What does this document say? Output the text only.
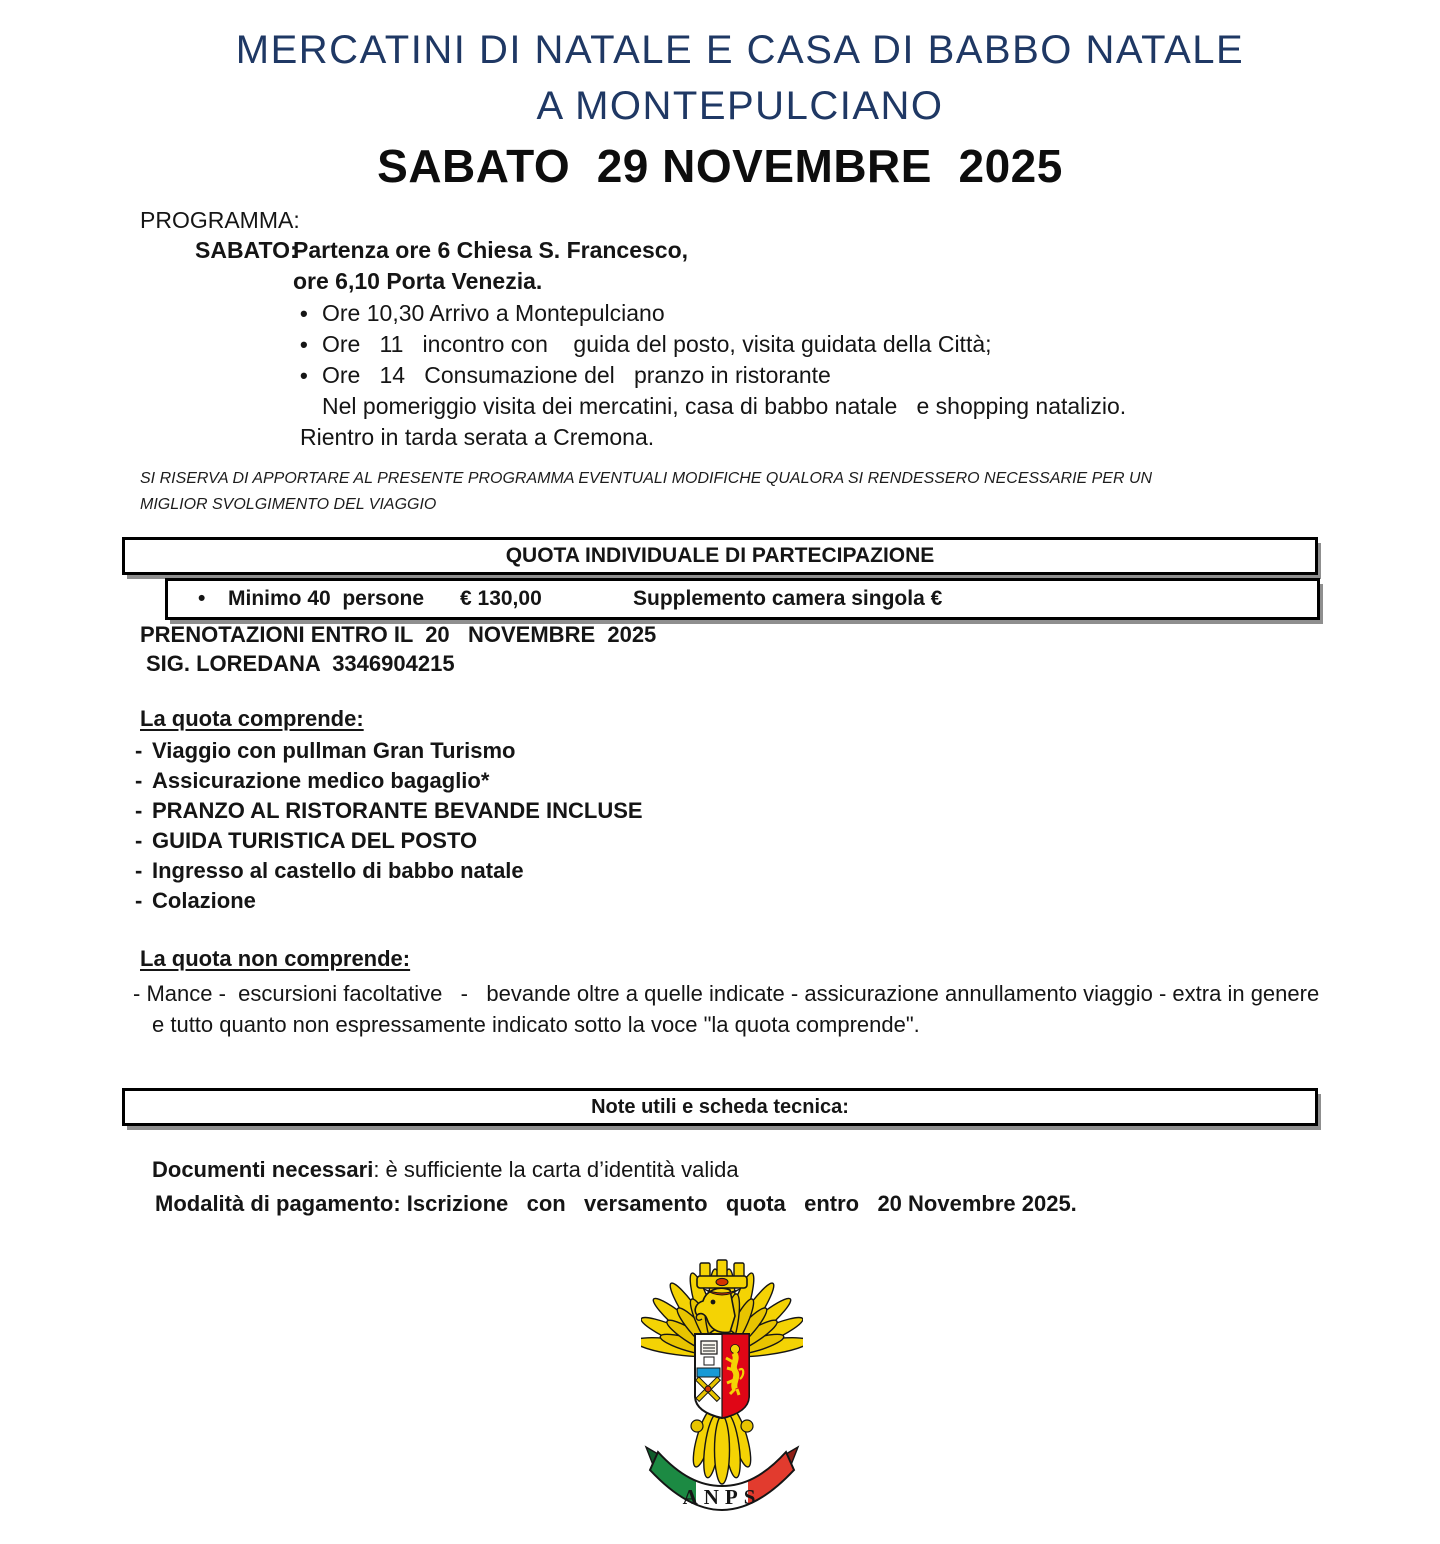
MERCATINI DI NATALE E CASA DI BABBO NATALE
A MONTEPULCIANO
SABATO  29 NOVEMBRE  2025
PROGRAMMA:
SABATO:
Partenza ore 6 Chiesa S. Francesco,
ore 6,10 Porta Venezia.
• Ore 10,30 Arrivo a Montepulciano
• Ore   11   incontro con    guida del posto, visita guidata della Città;
• Ore   14   Consumazione del   pranzo in ristorante
Nel pomeriggio visita dei mercatini, casa di babbo natale   e shopping natalizio.
Rientro in tarda serata a Cremona.
SI RISERVA DI APPORTARE AL PRESENTE PROGRAMMA EVENTUALI MODIFICHE QUALORA SI RENDESSERO NECESSARIE PER UN MIGLIOR SVOLGIMENTO DEL VIAGGIO
QUOTA INDIVIDUALE DI PARTECIPAZIONE
• Minimo 40  persone € 130,00	Supplemento camera singola €
PRENOTAZIONI ENTRO IL  20   NOVEMBRE  2025
SIG. LOREDANA  3346904215
La quota comprende:
- Viaggio con pullman Gran Turismo
- Assicurazione medico bagaglio*
- PRANZO AL RISTORANTE BEVANDE INCLUSE
- GUIDA TURISTICA DEL POSTO
- Ingresso al castello di babbo natale
- Colazione
La quota non comprende:
- Mance -  escursioni facoltative   -   bevande oltre a quelle indicate - assicurazione annullamento viaggio - extra in genere e tutto quanto non espressamente indicato sotto la voce "la quota comprende".
Note utili e scheda tecnica:
Documenti necessari: è sufficiente la carta d’identità valida
Modalità di pagamento: Iscrizione   con   versamento   quota   entro   20 Novembre 2025.
ANPS
